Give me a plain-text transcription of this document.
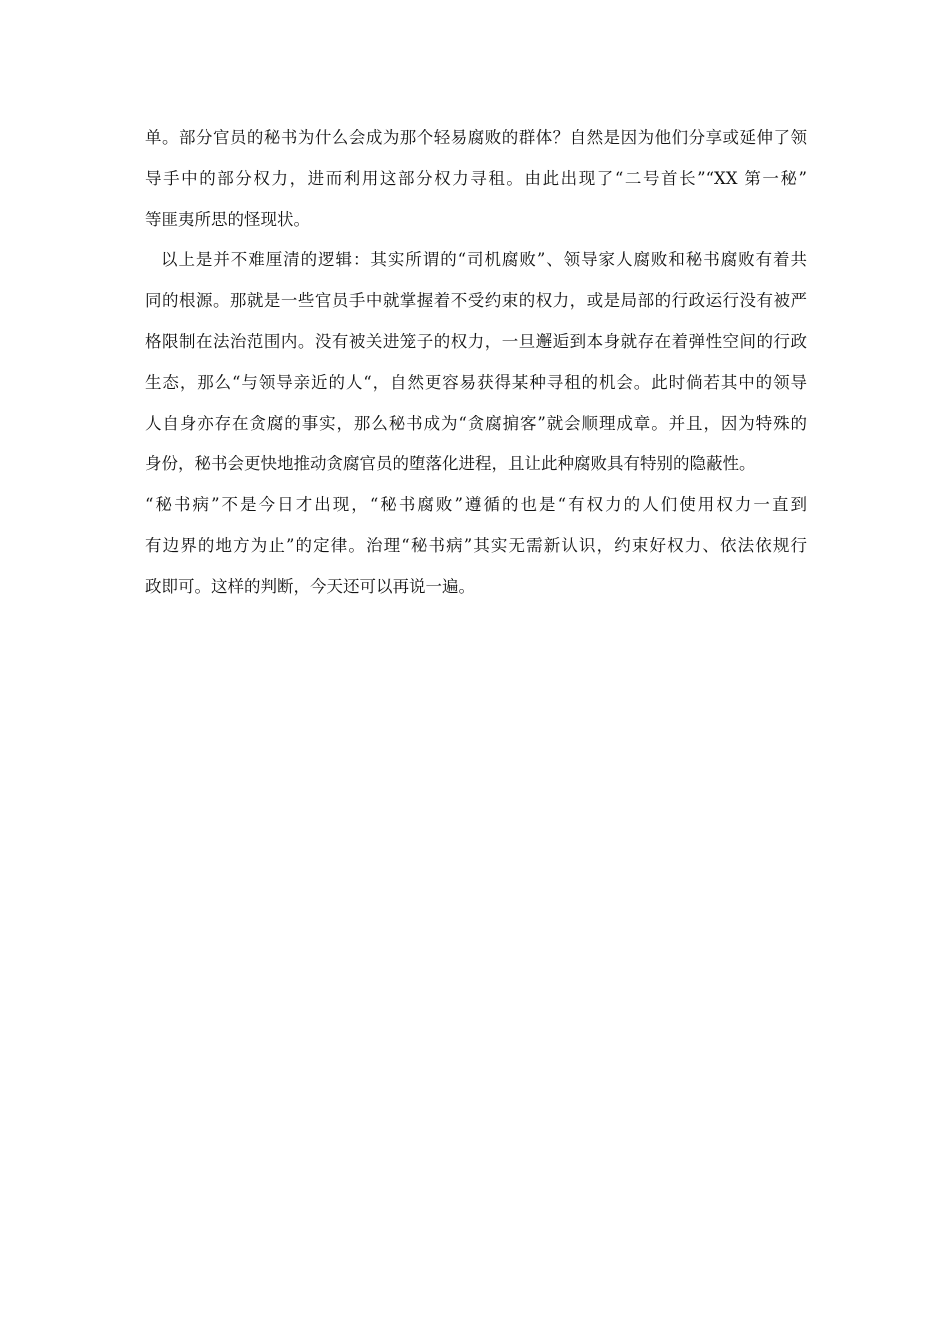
单。部分官员的秘书为什么会成为那个轻易腐败的群体？自然是因为他们分享或延伸了领
导手中的部分权力，进而利用这部分权力寻租。由此出现了“二号首长”“XX 第一秘”
等匪夷所思的怪现状。
以上是并不难厘清的逻辑：其实所谓的“司机腐败”、领导家人腐败和秘书腐败有着共
同的根源。那就是一些官员手中就掌握着不受约束的权力，或是局部的行政运行没有被严
格限制在法治范围内。没有被关进笼子的权力，一旦邂逅到本身就存在着弹性空间的行政
生态，那么“与领导亲近的人“，自然更容易获得某种寻租的机会。此时倘若其中的领导
人自身亦存在贪腐的事实，那么秘书成为“贪腐掮客”就会顺理成章。并且，因为特殊的
身份，秘书会更快地推动贪腐官员的堕落化进程，且让此种腐败具有特别的隐蔽性。
“秘书病”不是今日才出现，“秘书腐败”遵循的也是“有权力的人们使用权力一直到
有边界的地方为止”的定律。治理“秘书病”其实无需新认识，约束好权力、依法依规行
政即可。这样的判断，今天还可以再说一遍。
